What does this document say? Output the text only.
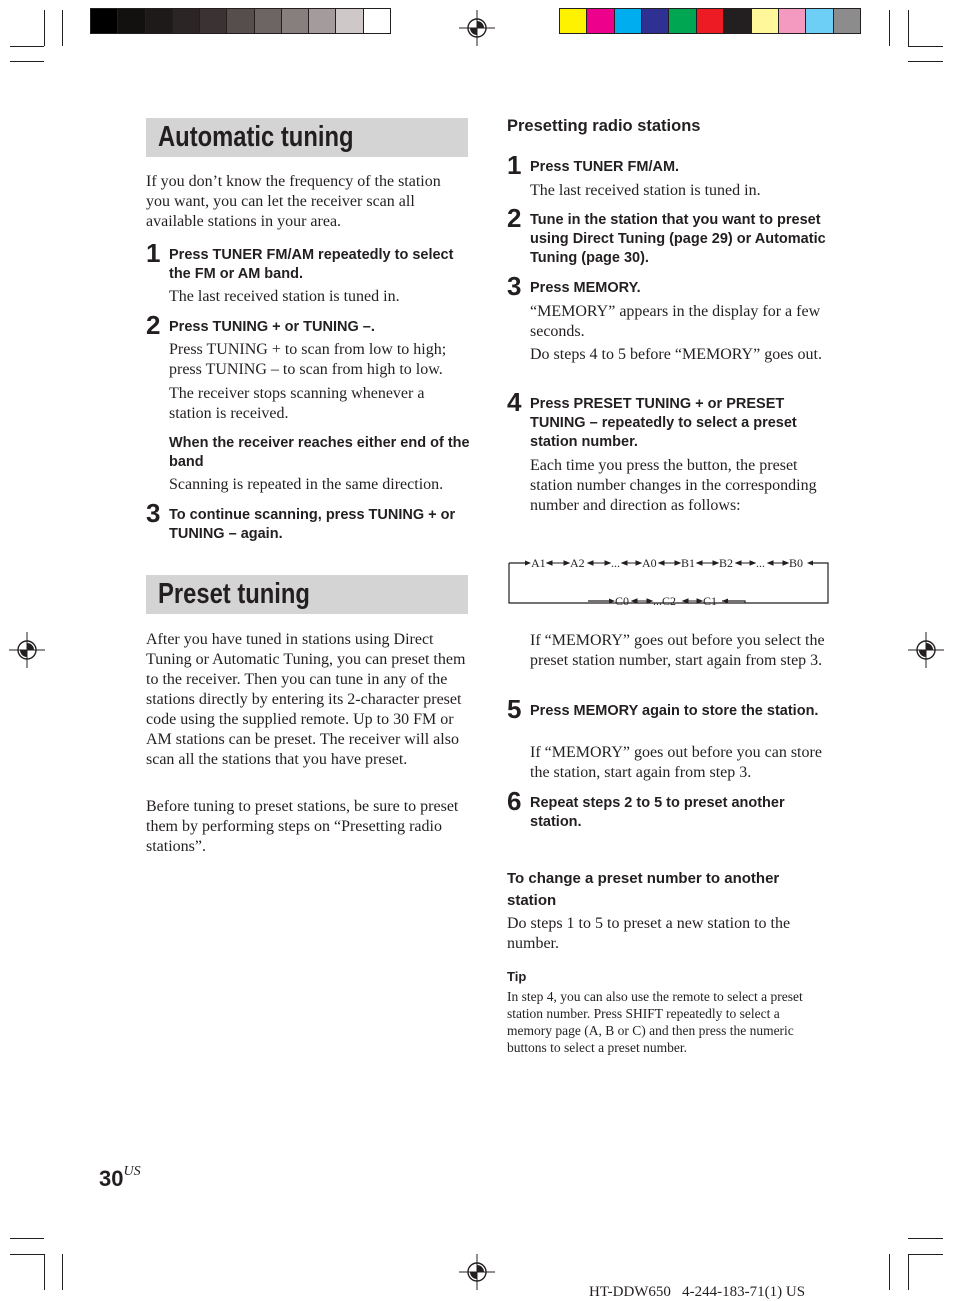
Automatic tuning

If you don’t know the frequency of the station you want, you can let the receiver scan all available stations in your area.

1 Press TUNER FM/AM repeatedly to select the FM or AM band.

The last received station is tuned in.

2 Press TUNING + or TUNING –.

Press TUNING + to scan from low to high; press TUNING – to scan from high to low.

The receiver stops scanning whenever a station is received.

When the receiver reaches either end of the band

Scanning is repeated in the same direction.

3 To continue scanning, press TUNING + or TUNING – again.

Preset tuning

After you have tuned in stations using Direct Tuning or Automatic Tuning, you can preset them to the receiver. Then you can tune in any of the stations directly by entering its 2-character preset code using the supplied remote. Up to 30 FM or AM stations can be preset. The receiver will also scan all the stations that you have preset.

Before tuning to preset stations, be sure to preset them by performing steps on “Presetting radio stations”.

Presetting radio stations

1 Press TUNER FM/AM.

The last received station is tuned in.

2 Tune in the station that you want to preset using Direct Tuning (page 29) or Automatic Tuning (page 30).

3 Press MEMORY.

“MEMORY” appears in the display for a few seconds.

Do steps 4 to 5 before “MEMORY” goes out.

4 Press PRESET TUNING + or PRESET TUNING – repeatedly to select a preset station number.

Each time you press the button, the preset station number changes in the corresponding number and direction as follows:

A1 A2 ... A0 B1 B2 ... B0
C0 ...C2 C1

If “MEMORY” goes out before you select the preset station number, start again from step 3.

5 Press MEMORY again to store the station.

If “MEMORY” goes out before you can store the station, start again from step 3.

6 Repeat steps 2 to 5 to preset another station.

To change a preset number to another station

Do steps 1 to 5 to preset a new station to the number.

Tip

In step 4, you can also use the remote to select a preset station number. Press SHIFT repeatedly to select a memory page (A, B or C) and then press the numeric buttons to select a preset number.

30US
HT-DDW650   4-244-183-71(1) US
